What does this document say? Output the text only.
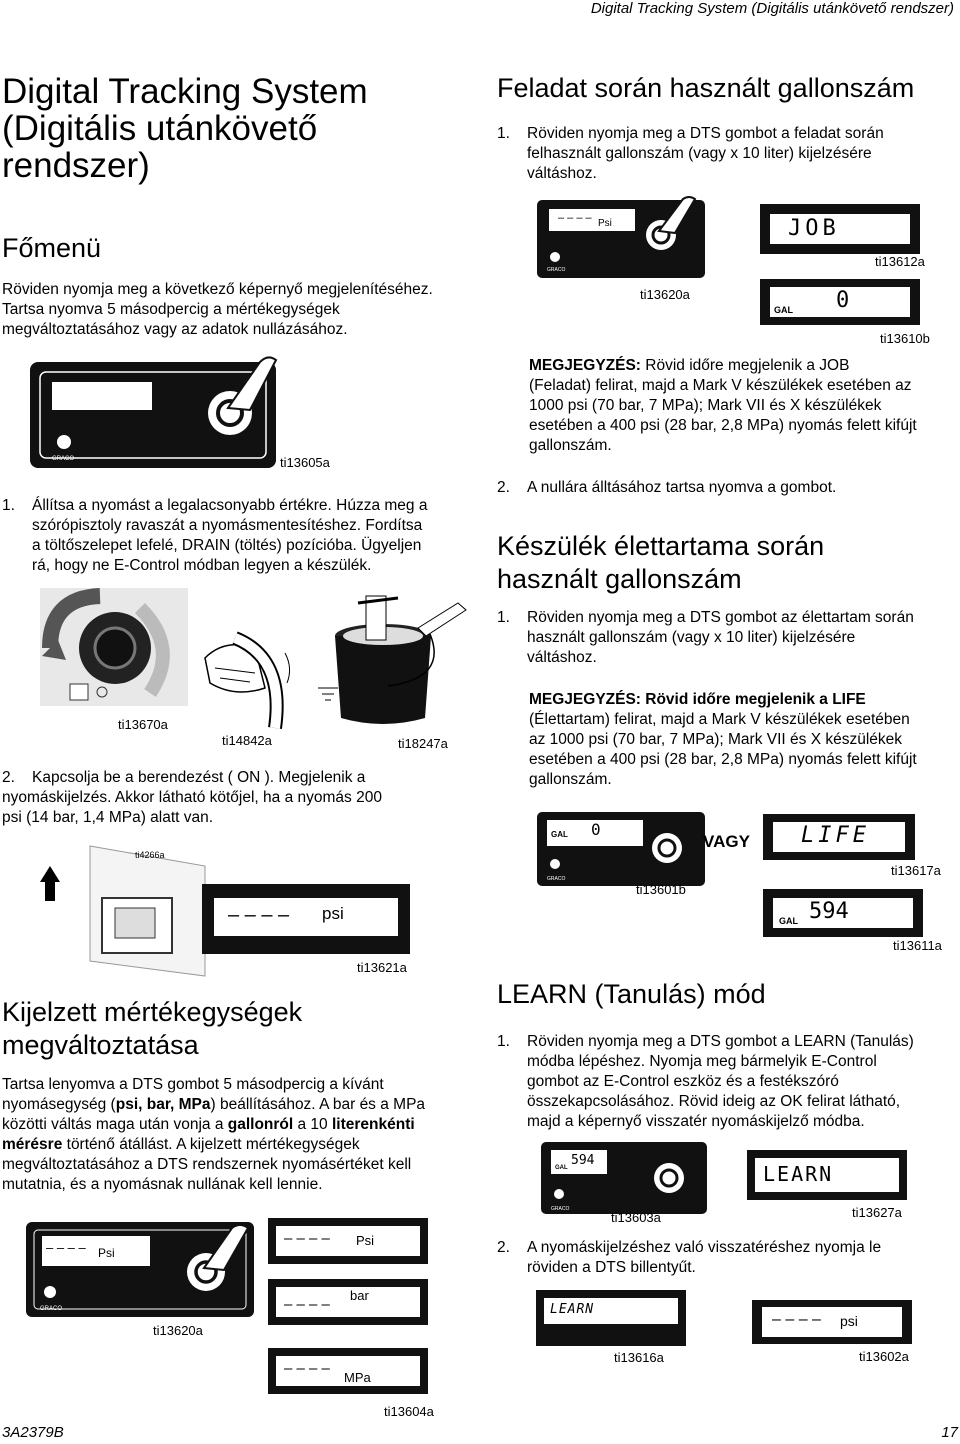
Digital Tracking System (Digitális utánkövető rendszer)
Digital Tracking System
(Digitális utánkövető
rendszer)
Főmenü

Röviden nyomja meg a következő képernyő megjelenítéséhez.

Tartsa nyomva 5 másodpercig a mértékegységek

megváltoztatásához vagy az adatok nullázásához.

GRACO	ti13605a

1. Állítsa a nyomást a legalacsonyabb értékre. Húzza meg a

szórópisztoly ravaszát a nyomásmentesítéshez. Fordítsa

a töltőszelepet lefelé, DRAIN (töltés) pozícióba. Ügyeljen

rá, hogy ne E-Control módban legyen a készülék.

ti13670a
ti14842a	ti18247a

2. Kapcsolja be a berendezést ( ON ). Megjelenik a

nyomáskijelzés. Akkor látható kötőjel, ha a nyomás 200

psi (14 bar, 1,4 MPa) alatt van.

ti4266a
– – – – psi
ti13621a
Kijelzett mértékegységek
megváltoztatása

Tartsa lenyomva a DTS gombot 5 másodpercig a kívánt

nyomásegység (psi, bar, MPa) beállításához. A bar és a MPa

közötti váltás maga után vonja a gallonról a 10 literenkénti

mérésre történő átállást. A kijelzett mértékegységek

megváltoztatásához a DTS rendszernek nyomásértéket kell

mutatnia, és a nyomásnak nullának kell lennie.

GRACO
– – – – Psi
ti13620a
– – – – Psi
– – – –
bar
– – – –
MPa
ti13604a
3A2379B
Feladat során használt gallonszám

1. Röviden nyomja meg a DTS gombot a feladat során

felhasznált gallonszám (vagy x 10 liter) kijelzésére

váltáshoz.

GRACO
– – – – Psi
ti13620a
JOB
ti13612a
GAL 0
ti13610b
MEGJEGYZÉS: Rövid időre megjelenik a JOB
(Feladat) felirat, majd a Mark V készülékek esetében az
1000 psi (70 bar, 7 MPa); Mark VII és X készülékek
esetében a 400 psi (28 bar, 2,8 MPa) nyomás felett kifújt
gallonszám.

2. A nullára álltásához tartsa nyomva a gombot.

Készülék élettartama során
használt gallonszám

1. Röviden nyomja meg a DTS gombot az élettartam során

használt gallonszám (vagy x 10 liter) kijelzésére

váltáshoz.

MEGJEGYZÉS: Rövid időre megjelenik a LIFE
(Élettartam) felirat, majd a Mark V készülékek esetében
az 1000 psi (70 bar, 7 MPa); Mark VII és X készülékek
esetében a 400 psi (28 bar, 2,8 MPa) nyomás felett kifújt
gallonszám.
GRACO
GAL 0
ti13601b
VAGY LIFE
ti13617a
GAL 594
ti13611a
LEARN (Tanulás) mód

1. Röviden nyomja meg a DTS gombot a LEARN (Tanulás)

módba lépéshez. Nyomja meg bármelyik E-Control

gombot az E-Control eszköz és a festékszóró

összekapcsolásához. Rövid ideig az OK felirat látható,

majd a képernyő visszatér nyomáskijelző módba.

GRACO
GAL 594
ti13603a
LEARN
ti13627a

2. A nyomáskijelzéshez való visszatéréshez nyomja le

röviden a DTS billentyűt.

LEARN
ti13616a
– – – – psi
ti13602a
17
